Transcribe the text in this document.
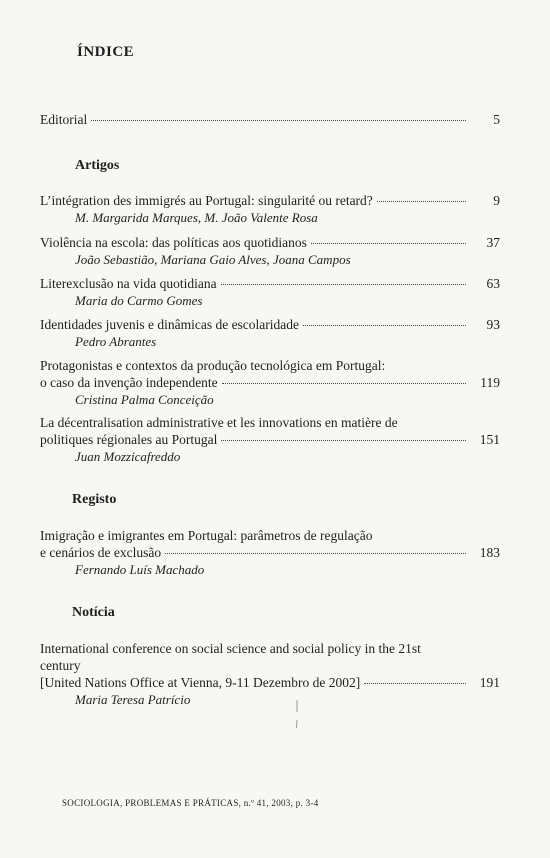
ÍNDICE
Editorial	5
Artigos
L’intégration des immigrés au Portugal: singularité ou retard?	9
M. Margarida Marques, M. João Valente Rosa
Violência na escola: das políticas aos quotidianos	37
João Sebastião, Mariana Gaio Alves, Joana Campos
Literexclusão na vida quotidiana	63
Maria do Carmo Gomes
Identidades juvenis e dinâmicas de escolaridade	93
Pedro Abrantes
Protagonistas e contextos da produção tecnológica em Portugal:
o caso da invenção independente	119
Cristina Palma Conceição
La décentralisation administrative et les innovations en matière de
politiques régionales au Portugal	151
Juan Mozzicafreddo
Registo
Imigração e imigrantes em Portugal: parâmetros de regulação
e cenários de exclusão	183
Fernando Luís Machado
Notícia
International conference on social science and social policy in the 21st
century
[United Nations Office at Vienna, 9-11 Dezembro de 2002]	191
Maria Teresa Patrício
SOCIOLOGIA, PROBLEMAS E PRÁTICAS, n.º 41, 2003, p. 3-4
